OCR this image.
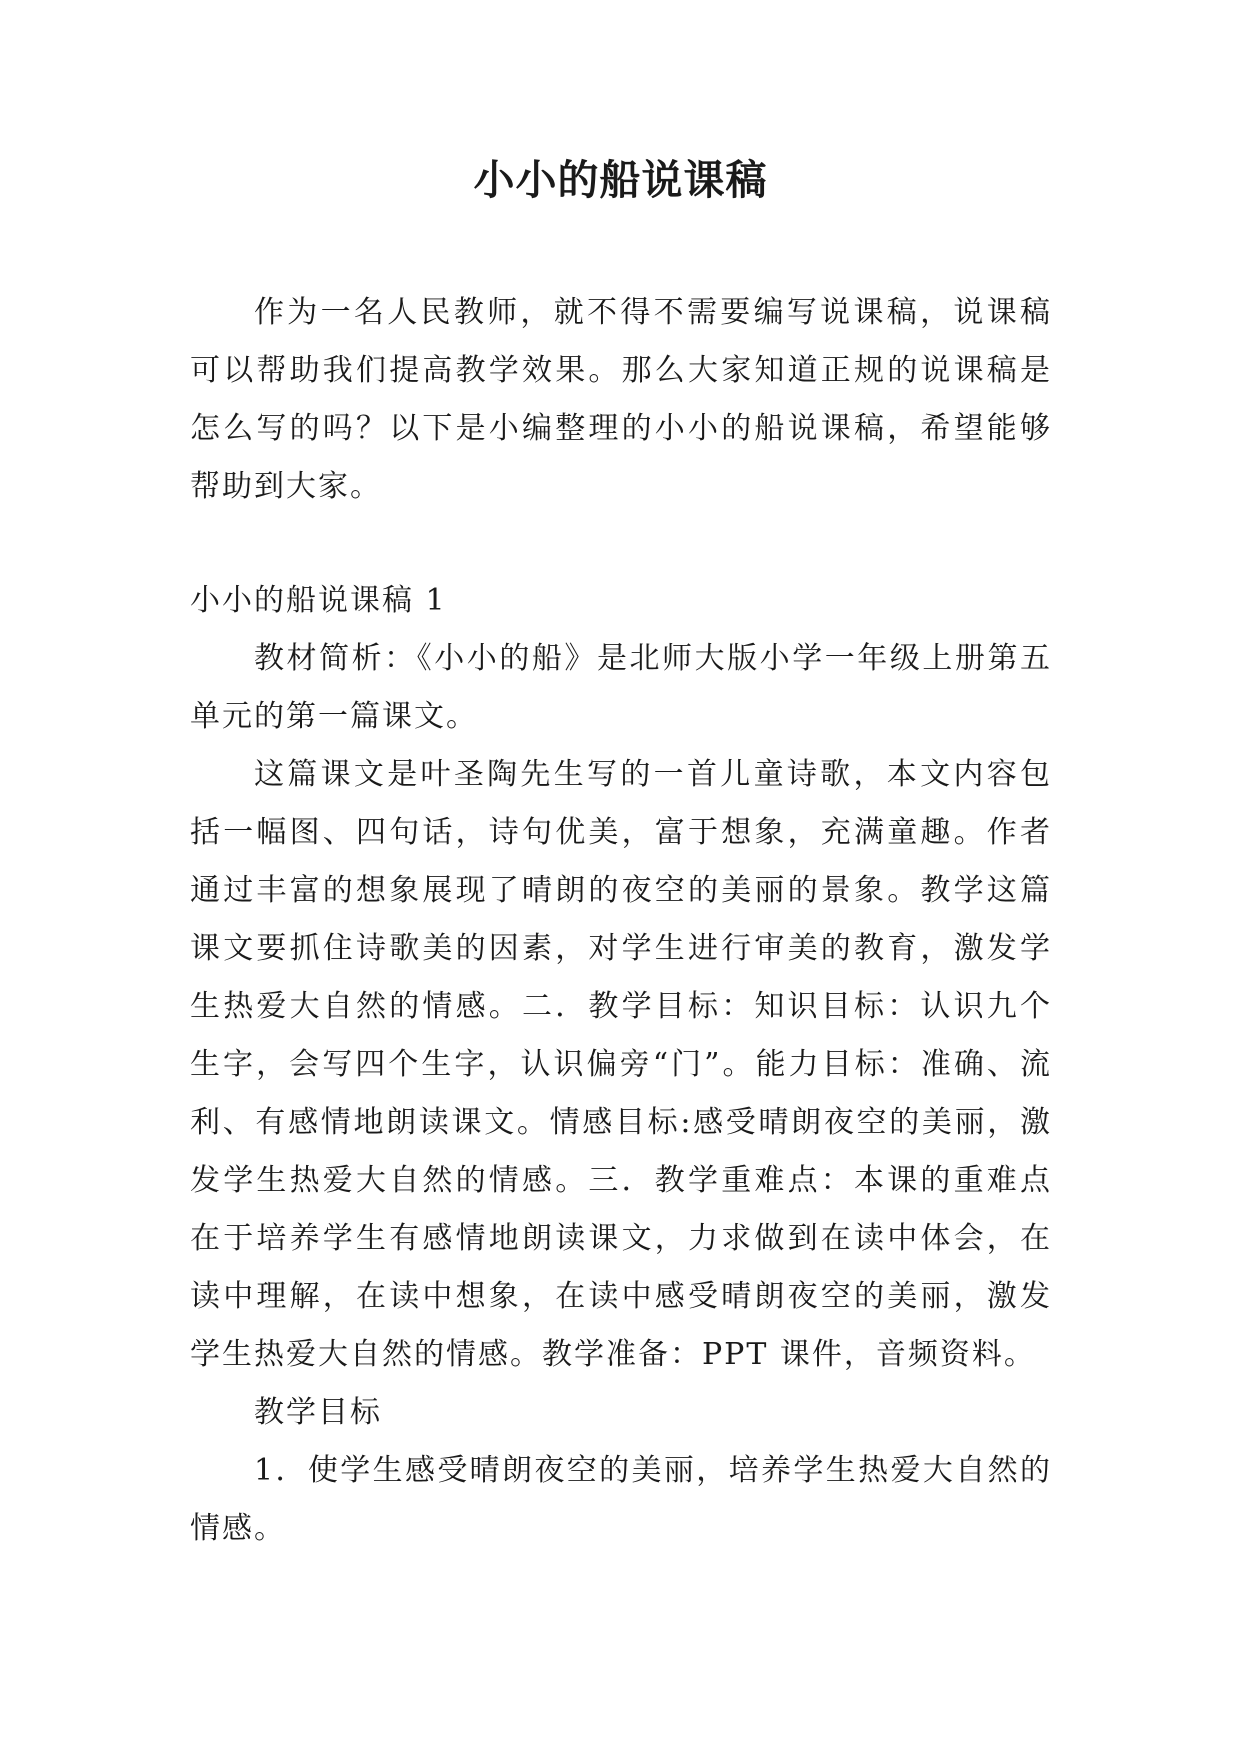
小小的船说课稿

作为一名人民教师，就不得不需要编写说课稿，说课稿可以帮助我们提高教学效果。那么大家知道正规的说课稿是怎么写的吗？以下是小编整理的小小的船说课稿，希望能够帮助到大家。

小小的船说课稿 1

教材简析：《小小的船》是北师大版小学一年级上册第五单元的第一篇课文。

这篇课文是叶圣陶先生写的一首儿童诗歌，本文内容包括一幅图、四句话，诗句优美，富于想象，充满童趣。作者通过丰富的想象展现了晴朗的夜空的美丽的景象。教学这篇课文要抓住诗歌美的因素，对学生进行审美的教育，激发学生热爱大自然的情感。二．教学目标：知识目标：认识九个生字，会写四个生字，认识偏旁“门”。能力目标：准确、流利、有感情地朗读课文。情感目标:感受晴朗夜空的美丽，激发学生热爱大自然的情感。三．教学重难点：本课的重难点在于培养学生有感情地朗读课文，力求做到在读中体会，在读中理解，在读中想象，在读中感受晴朗夜空的美丽，激发学生热爱大自然的情感。教学准备：PPT 课件，音频资料。

教学目标

1．使学生感受晴朗夜空的美丽，培养学生热爱大自然的情感。
